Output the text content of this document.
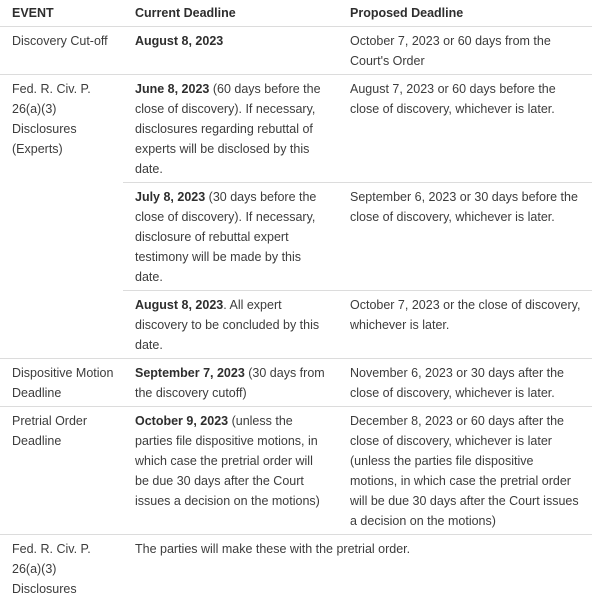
EVENT	Current Deadline	Proposed Deadline
Discovery Cut-off	August 8, 2023	October 7, 2023 or 60 days from the Court's Order
Fed. R. Civ. P. 26(a)(3) Disclosures (Experts)	June 8, 2023 (60 days before the close of discovery). If necessary, disclosures regarding rebuttal of experts will be disclosed by this date.	August 7, 2023 or 60 days before the close of discovery, whichever is later.
	July 8, 2023 (30 days before the close of discovery). If necessary, disclosure of rebuttal expert testimony will be made by this date.	September 6, 2023 or 30 days before the close of discovery, whichever is later.
	August 8, 2023. All expert discovery to be concluded by this date.	October 7, 2023 or the close of discovery, whichever is later.
Dispositive Motion Deadline	September 7, 2023 (30 days from the discovery cutoff)	November 6, 2023 or 30 days after the close of discovery, whichever is later.
Pretrial Order Deadline	October 9, 2023 (unless the parties file dispositive motions, in which case the pretrial order will be due 30 days after the Court issues a decision on the motions)	December 8, 2023 or 60 days after the close of discovery, whichever is later (unless the parties file dispositive motions, in which case the pretrial order will be due 30 days after the Court issues a decision on the motions)
Fed. R. Civ. P. 26(a)(3) Disclosures	The parties will make these with the pretrial order.	
